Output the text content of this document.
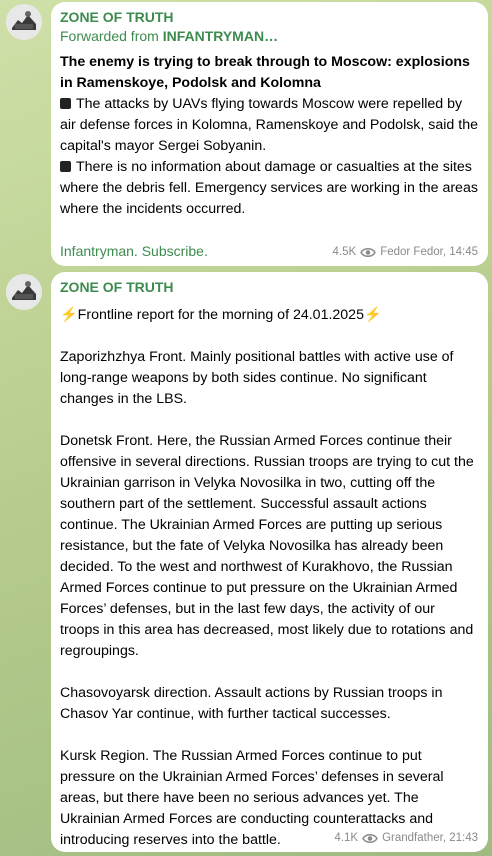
ZONE OF TRUTH
Forwarded from INFANTRYMAN…

The enemy is trying to break through to Moscow: explosions in Ramenskoye, Podolsk and Kolomna

The attacks by UAVs flying towards Moscow were repelled by air defense forces in Kolomna, Ramenskoye and Podolsk, said the capital's mayor Sergei Sobyanin.

There is no information about damage or casualties at the sites where the debris fell. Emergency services are working in the areas where the incidents occurred.

Infantryman. Subscribe.	4.5K Fedor Fedor, 14:45
ZONE OF TRUTH

⚡Frontline report for the morning of 24.01.2025⚡

Zaporizhzhya Front. Mainly positional battles with active use of long-range weapons by both sides continue. No significant changes in the LBS.

Donetsk Front. Here, the Russian Armed Forces continue their offensive in several directions. Russian troops are trying to cut the Ukrainian garrison in Velyka Novosilka in two, cutting off the southern part of the settlement. Successful assault actions continue. The Ukrainian Armed Forces are putting up serious resistance, but the fate of Velyka Novosilka has already been decided. To the west and northwest of Kurakhovo, the Russian Armed Forces continue to put pressure on the Ukrainian Armed Forces’ defenses, but in the last few days, the activity of our troops in this area has decreased, most likely due to rotations and regroupings.

Chasovoyarsk direction. Assault actions by Russian troops in Chasov Yar continue, with further tactical successes.

Kursk Region. The Russian Armed Forces continue to put pressure on the Ukrainian Armed Forces’ defenses in several areas, but there have been no serious advances yet. The Ukrainian Armed Forces are conducting counterattacks and introducing reserves into the battle.	4.1K Grandfather, 21:43
